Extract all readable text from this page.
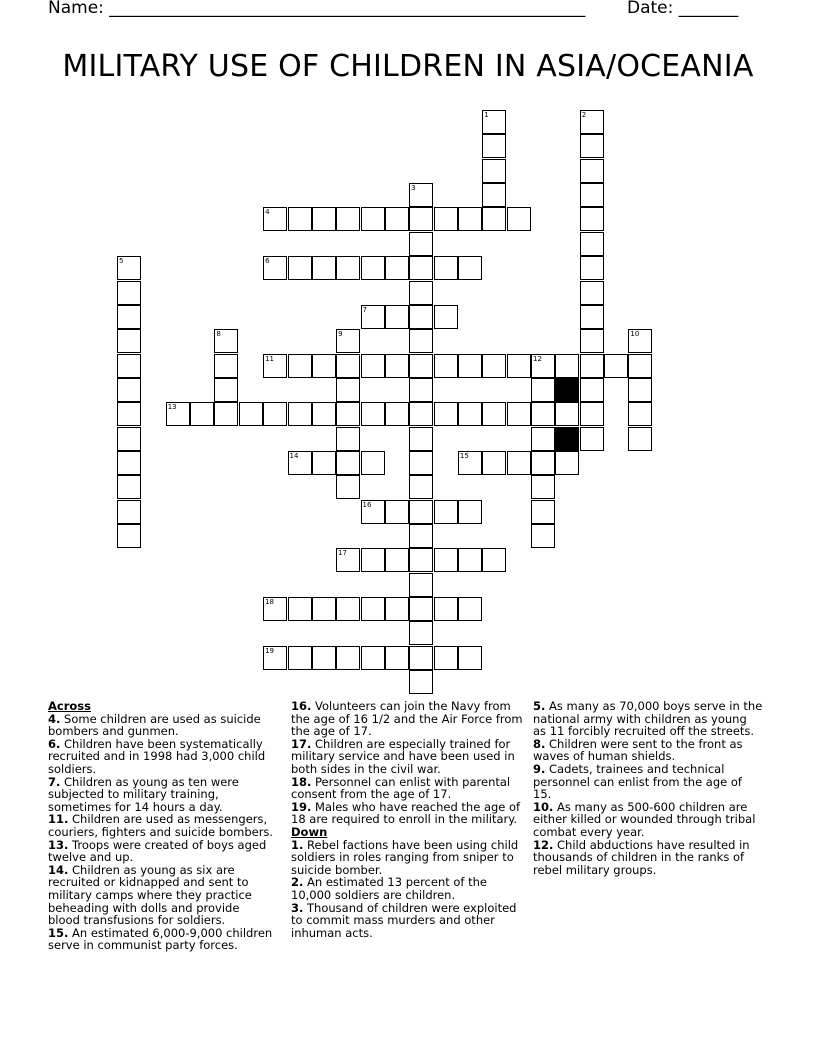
Name: ________________________________________________________ Date: _______
MILITARY USE OF CHILDREN IN ASIA/OCEANIA
1	2
3
4
5	6
7
8	9	10
11	12
13
14	15
16
17
18
19
Across
4. Some children are used as suicide bombers and gunmen.
6. Children have been systematically recruited and in 1998 had 3,000 child soldiers.
7. Children as young as ten were subjected to military training, sometimes for 14 hours a day.
11. Children are used as messengers, couriers, fighters and suicide bombers.
13. Troops were created of boys aged twelve and up.
14. Children as young as six are recruited or kidnapped and sent to military camps where they practice beheading with dolls and provide blood transfusions for soldiers.
15. An estimated 6,000-9,000 children serve in communist party forces.
16. Volunteers can join the Navy from the age of 16 1/2 and the Air Force from the age of 17.
17. Children are especially trained for military service and have been used in both sides in the civil war.
18. Personnel can enlist with parental consent from the age of 17.
19. Males who have reached the age of 18 are required to enroll in the military.
Down
1. Rebel factions have been using child soldiers in roles ranging from sniper to suicide bomber.
2. An estimated 13 percent of the 10,000 soldiers are children.
3. Thousand of children were exploited to commit mass murders and other inhuman acts.
5. As many as 70,000 boys serve in the national army with children as young as 11 forcibly recruited off the streets.
8. Children were sent to the front as waves of human shields.
9. Cadets, trainees and technical personnel can enlist from the age of 15.
10. As many as 500-600 children are either killed or wounded through tribal combat every year.
12. Child abductions have resulted in thousands of children in the ranks of rebel military groups.
